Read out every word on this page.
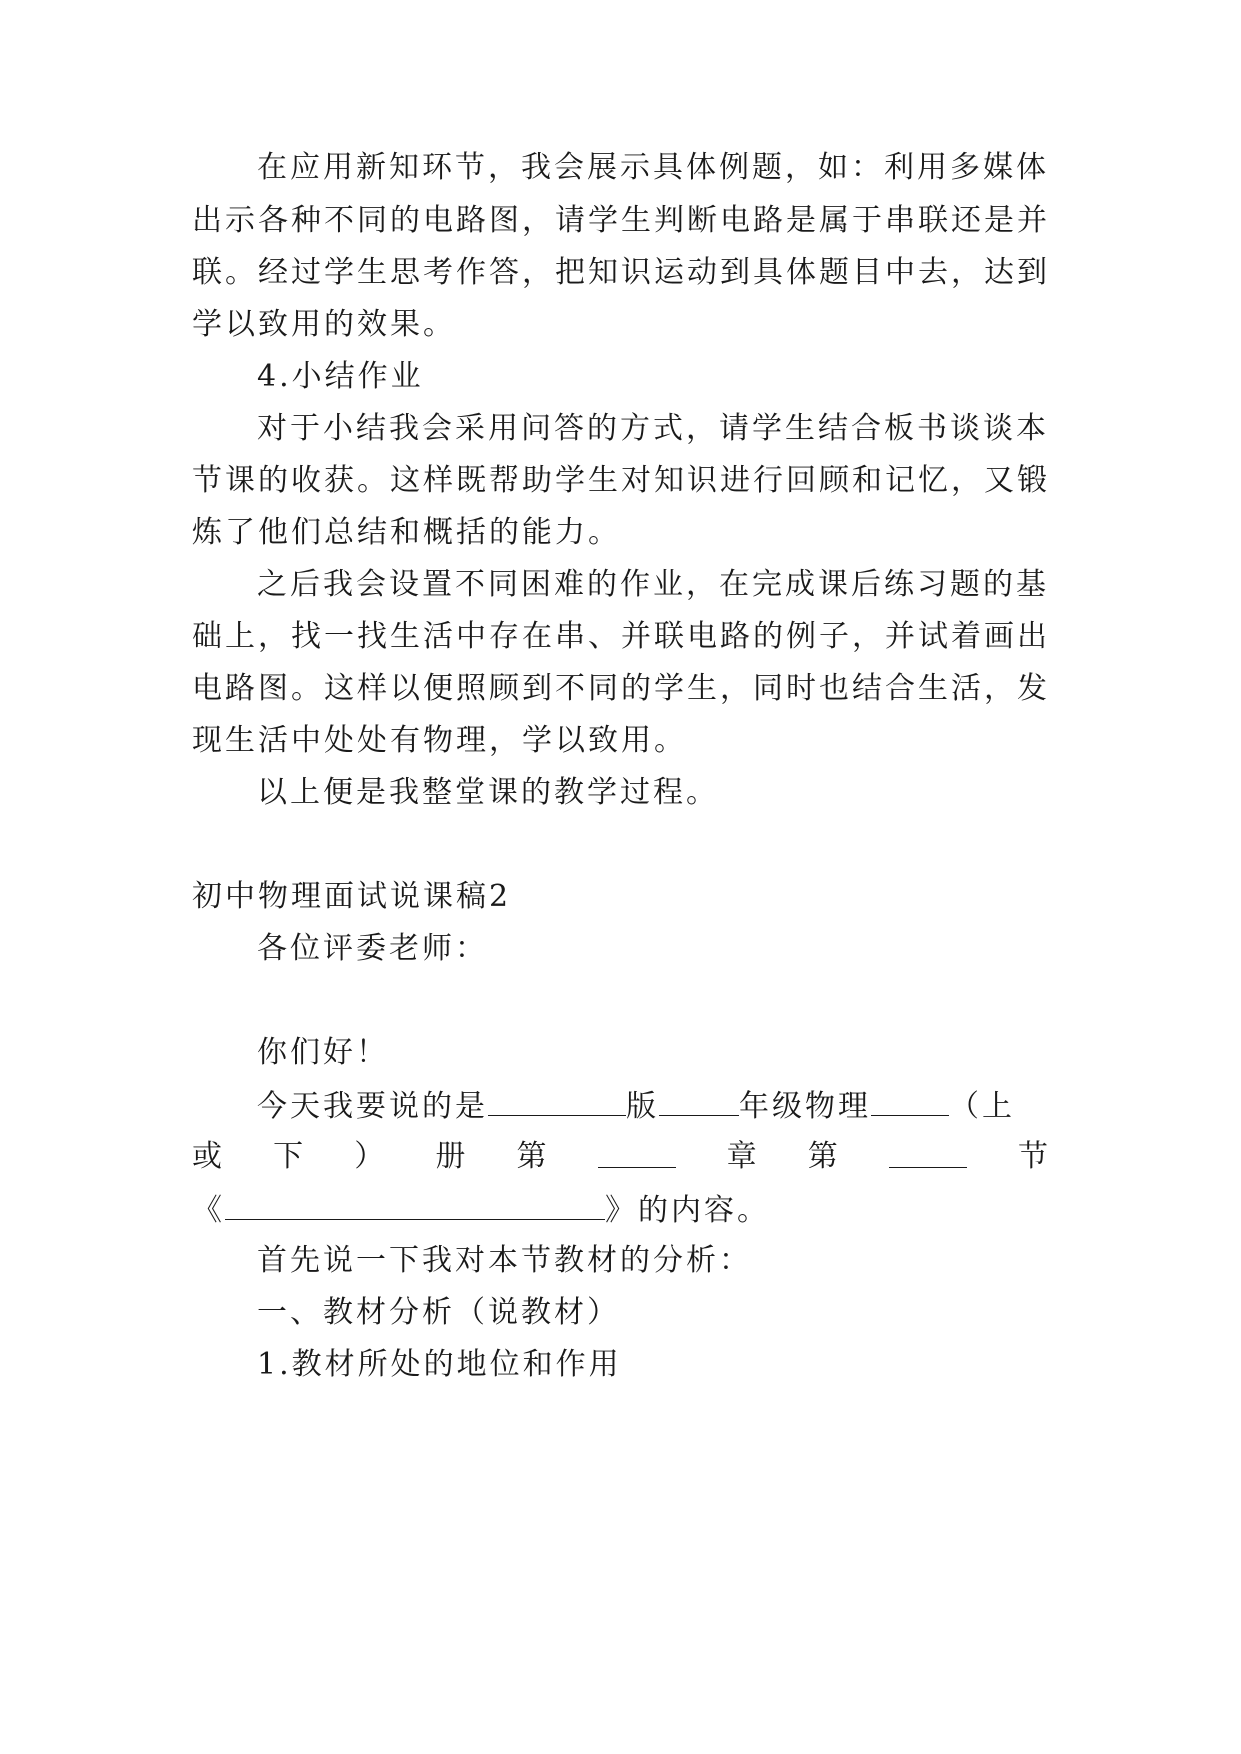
在应用新知环节，我会展示具体例题，如：利用多媒体
出示各种不同的电路图，请学生判断电路是属于串联还是并
联。经过学生思考作答，把知识运动到具体题目中去，达到
学以致用的效果。
4.小结作业
对于小结我会采用问答的方式，请学生结合板书谈谈本
节课的收获。这样既帮助学生对知识进行回顾和记忆，又锻
炼了他们总结和概括的能力。
之后我会设置不同困难的作业，在完成课后练习题的基
础上，找一找生活中存在串、并联电路的例子，并试着画出
电路图。这样以便照顾到不同的学生，同时也结合生活，发
现生活中处处有物理，学以致用。
以上便是我整堂课的教学过程。
初中物理面试说课稿2
各位评委老师：
你们好！
今天我要说的是	版	年级物理	（上
或 下 ） 册 第	章 第	节
《	》的内容。
首先说一下我对本节教材的分析：
一、教材分析（说教材）
1.教材所处的地位和作用
